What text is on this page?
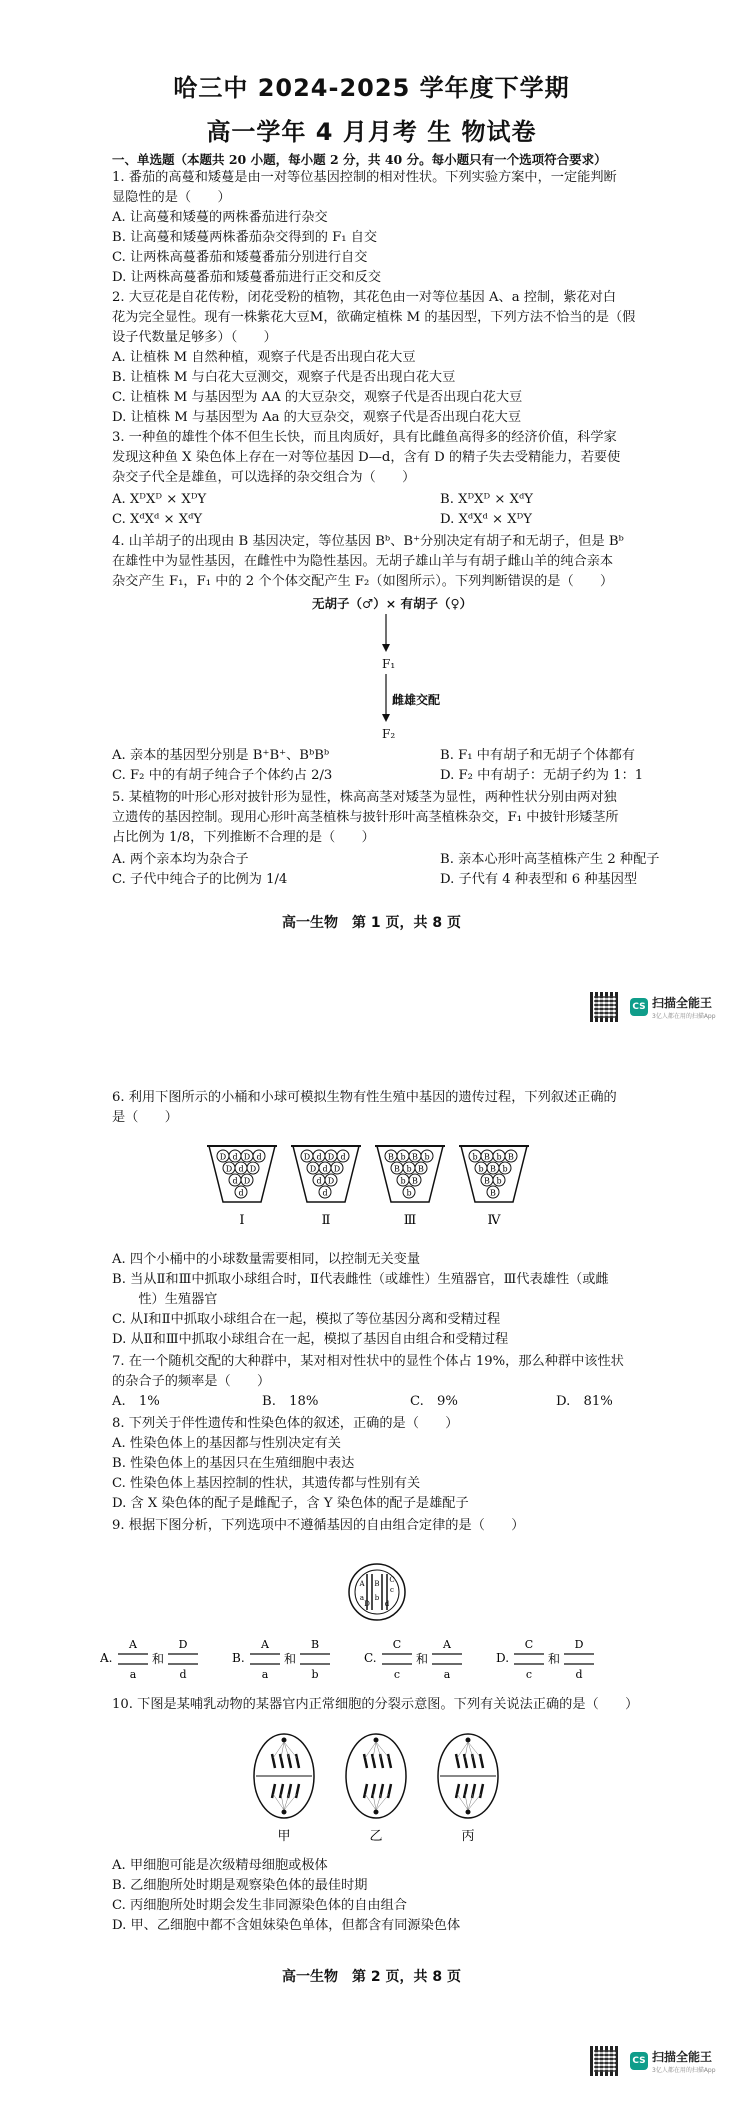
哈三中 2024-2025 学年度下学期
高一学年 4 月月考 生 物试卷
一、单选题（本题共 20 小题，每小题 2 分，共 40 分。每小题只有一个选项符合要求）
1. 番茄的高蔓和矮蔓是由一对等位基因控制的相对性状。下列实验方案中，一定能判断
显隐性的是（　　）
A. 让高蔓和矮蔓的两株番茄进行杂交
B. 让高蔓和矮蔓两株番茄杂交得到的 F₁ 自交
C. 让两株高蔓番茄和矮蔓番茄分别进行自交
D. 让两株高蔓番茄和矮蔓番茄进行正交和反交
2. 大豆花是自花传粉，闭花受粉的植物，其花色由一对等位基因 A、a 控制，紫花对白
花为完全显性。现有一株紫花大豆M，欲确定植株 M 的基因型，下列方法不恰当的是（假
设子代数量足够多）（　　）
A. 让植株 M 自然种植，观察子代是否出现白花大豆
B. 让植株 M 与白花大豆测交，观察子代是否出现白花大豆
C. 让植株 M 与基因型为 AA 的大豆杂交，观察子代是否出现白花大豆
D. 让植株 M 与基因型为 Aa 的大豆杂交，观察子代是否出现白花大豆
3. 一种鱼的雄性个体不但生长快，而且肉质好，具有比雌鱼高得多的经济价值，科学家
发现这种鱼 X 染色体上存在一对等位基因 D—d，含有 D 的精子失去受精能力，若要使
杂交子代全是雄鱼，可以选择的杂交组合为（　　）
A. XᴰXᴰ × XᴰY	B. XᴰXᴰ × XᵈY
C. XᵈXᵈ × XᵈY	D. XᵈXᵈ × XᴰY
4. 山羊胡子的出现由 B 基因决定，等位基因 Bᵇ、B⁺分别决定有胡子和无胡子，但是 Bᵇ
在雄性中为显性基因，在雌性中为隐性基因。无胡子雄山羊与有胡子雌山羊的纯合亲本
杂交产生 F₁，F₁ 中的 2 个个体交配产生 F₂（如图所示）。下列判断错误的是（　　）
无胡子（♂）× 有胡子（♀）
F₁
雌雄交配
F₂
A. 亲本的基因型分别是 B⁺B⁺、BᵇBᵇ	B. F₁ 中有胡子和无胡子个体都有
C. F₂ 中的有胡子纯合子个体约占 2/3	D. F₂ 中有胡子：无胡子约为 1：1
5. 某植物的叶形心形对披针形为显性，株高高茎对矮茎为显性，两种性状分别由两对独
立遗传的基因控制。现用心形叶高茎植株与披针形叶高茎植株杂交，F₁ 中披针形矮茎所
占比例为 1/8，下列推断不合理的是（　　）
A. 两个亲本均为杂合子	B. 亲本心形叶高茎植株产生 2 种配子
C. 子代中纯合子的比例为 1/4	D. 子代有 4 种表型和 6 种基因型
高一生物　第 1 页，共 8 页
CS 扫描全能王
3亿人都在用的扫描App
6. 利用下图所示的小桶和小球可模拟生物有性生殖中基因的遗传过程，下列叙述正确的
是（　　）
D d D d
D d D
d D
d
Ⅰ
D d D d
D d D
d D
d
Ⅱ
B b B b
B b B
b B
b
Ⅲ
b B b B
b B b
B b
B
Ⅳ
A. 四个小桶中的小球数量需要相同，以控制无关变量
B. 当从Ⅱ和Ⅲ中抓取小球组合时，Ⅱ代表雌性（或雄性）生殖器官，Ⅲ代表雄性（或雌
　　性）生殖器官
C. 从Ⅰ和Ⅱ中抓取小球组合在一起，模拟了等位基因分离和受精过程
D. 从Ⅱ和Ⅲ中抓取小球组合在一起，模拟了基因自由组合和受精过程
7. 在一个随机交配的大种群中，某对相对性状中的显性个体占 19%，那么种群中该性状
的杂合子的频率是（　　）
A.　1%	B.　18%	C.　9%	D.　81%
8. 下列关于伴性遗传和性染色体的叙述，正确的是（　　）
A. 性染色体上的基因都与性别决定有关
B. 性染色体上的基因只在生殖细胞中表达
C. 性染色体上基因控制的性状，其遗传都与性别有关
D. 含 X 染色体的配子是雌配子，含 Y 染色体的配子是雄配子
9. 根据下图分析，下列选项中不遵循基因的自由组合定律的是（　　）
A
a
B
b
C
c
D d
A.
A
a
和
D
d
B.
A
a
和
B
b
C.
C
c
和
A
a
D.
C
c
和
D
d
10. 下图是某哺乳动物的某器官内正常细胞的分裂示意图。下列有关说法正确的是（　　）
甲	乙	丙
A. 甲细胞可能是次级精母细胞或极体
B. 乙细胞所处时期是观察染色体的最佳时期
C. 丙细胞所处时期会发生非同源染色体的自由组合
D. 甲、乙细胞中都不含姐妹染色单体，但都含有同源染色体
高一生物　第 2 页，共 8 页
CS 扫描全能王
3亿人都在用的扫描App
